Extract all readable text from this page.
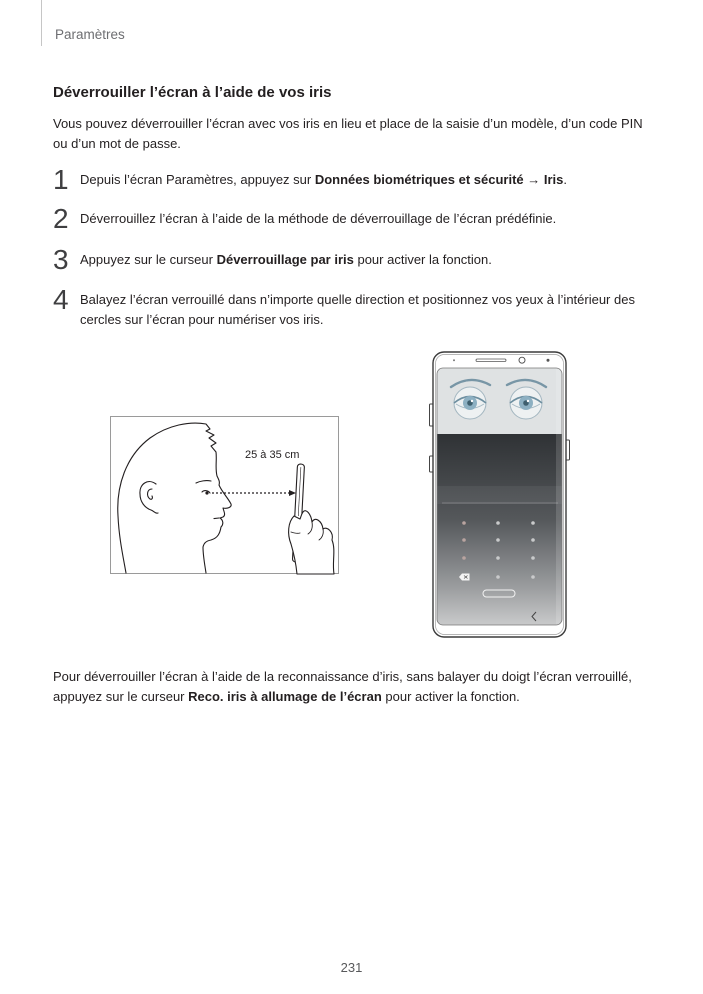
Paramètres
Déverrouiller l’écran à l’aide de vos iris
Vous pouvez déverrouiller l’écran avec vos iris en lieu et place de la saisie d’un modèle, d’un code PIN
ou d’un mot de passe.
1 Depuis l’écran Paramètres, appuyez sur Données biométriques et sécurité → Iris.
2 Déverrouillez l’écran à l’aide de la méthode de déverrouillage de l’écran prédéfinie.
3 Appuyez sur le curseur Déverrouillage par iris pour activer la fonction.
4 Balayez l’écran verrouillé dans n’importe quelle direction et positionnez vos yeux à l’intérieur des
cercles sur l’écran pour numériser vos iris.
25 à 35 cm
Pour déverrouiller l’écran à l’aide de la reconnaissance d’iris, sans balayer du doigt l’écran verrouillé,
appuyez sur le curseur Reco. iris à allumage de l’écran pour activer la fonction.
231
